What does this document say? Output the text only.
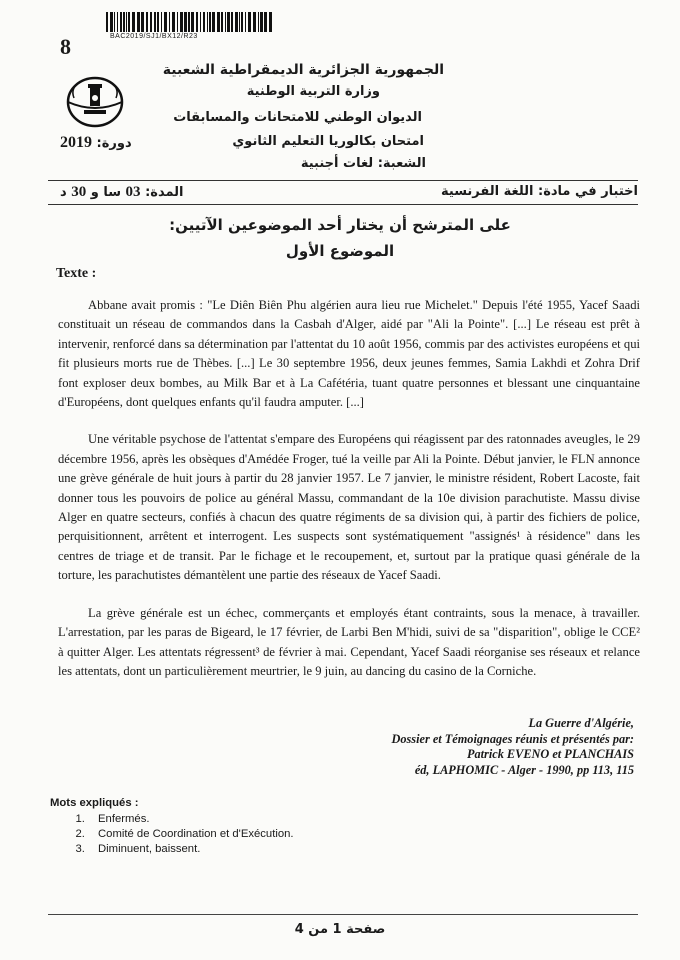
BAC2019/SJ1/BX12/R23
8
الجمهورية الجزائرية الديمقراطية الشعبية
وزارة التربية الوطنية
الديوان الوطني للامتحانات والمسابقات
امتحان بكالوريا التعليم الثانوي
الشعبة: لغات أجنبية
دورة: 2019
اختبار في مادة: اللغة الفرنسية
المدة: 03 سا و 30 د
على المترشح أن يختار أحد الموضوعين الآتيين:
الموضوع الأول
Texte :

Abbane avait promis : "Le Diên Biên Phu algérien aura lieu rue Michelet." Depuis l'été 1955, Yacef Saadi constituait un réseau de commandos dans la Casbah d'Alger, aidé par "Ali la Pointe". [...] Le réseau est prêt à intervenir, renforcé dans sa détermination par l'attentat du 10 août 1956, commis par des activistes européens et qui fit plusieurs morts rue de Thèbes. [...] Le 30 septembre 1956, deux jeunes femmes, Samia Lakhdi et Zohra Drif font exploser deux bombes, au Milk Bar et à La Cafétéria, tuant quatre personnes et blessant une cinquantaine d'Européens, dont quelques enfants qu'il faudra amputer. [...]

Une véritable psychose de l'attentat s'empare des Européens qui réagissent par des ratonnades aveugles, le 29 décembre 1956, après les obsèques d'Amédée Froger, tué la veille par Ali la Pointe. Début janvier, le FLN annonce une grève générale de huit jours à partir du 28 janvier 1957. Le 7 janvier, le ministre résident, Robert Lacoste, fait donner tous les pouvoirs de police au général Massu, commandant de la 10e division parachutiste. Massu divise Alger en quatre secteurs, confiés à chacun des quatre régiments de sa division qui, à partir des fichiers de police, perquisitionnent, arrêtent et interrogent. Les suspects sont systématiquement "assignés¹ à résidence" dans les centres de triage et de transit. Par le fichage et le recoupement, et, surtout par la pratique quasi générale de la torture, les parachutistes démantèlent une partie des réseaux de Yacef Saadi.

La grève générale est un échec, commerçants et employés étant contraints, sous la menace, à travailler. L'arrestation, par les paras de Bigeard, le 17 février, de Larbi Ben M'hidi, suivi de sa "disparition", oblige le CCE² à quitter Alger. Les attentats régressent³ de février à mai. Cependant, Yacef Saadi réorganise ses réseaux et relance les attentats, dont un particulièrement meurtrier, le 9 juin, au dancing du casino de la Corniche.

La Guerre d'Algérie,
Dossier et Témoignages réunis et présentés par:
Patrick EVENO et PLANCHAIS
éd, LAPHOMIC - Alger - 1990, pp 113, 115
Mots expliqués :
1. Enfermés.
2. Comité de Coordination et d'Exécution.
3. Diminuent, baissent.
صفحة 1 من 4
